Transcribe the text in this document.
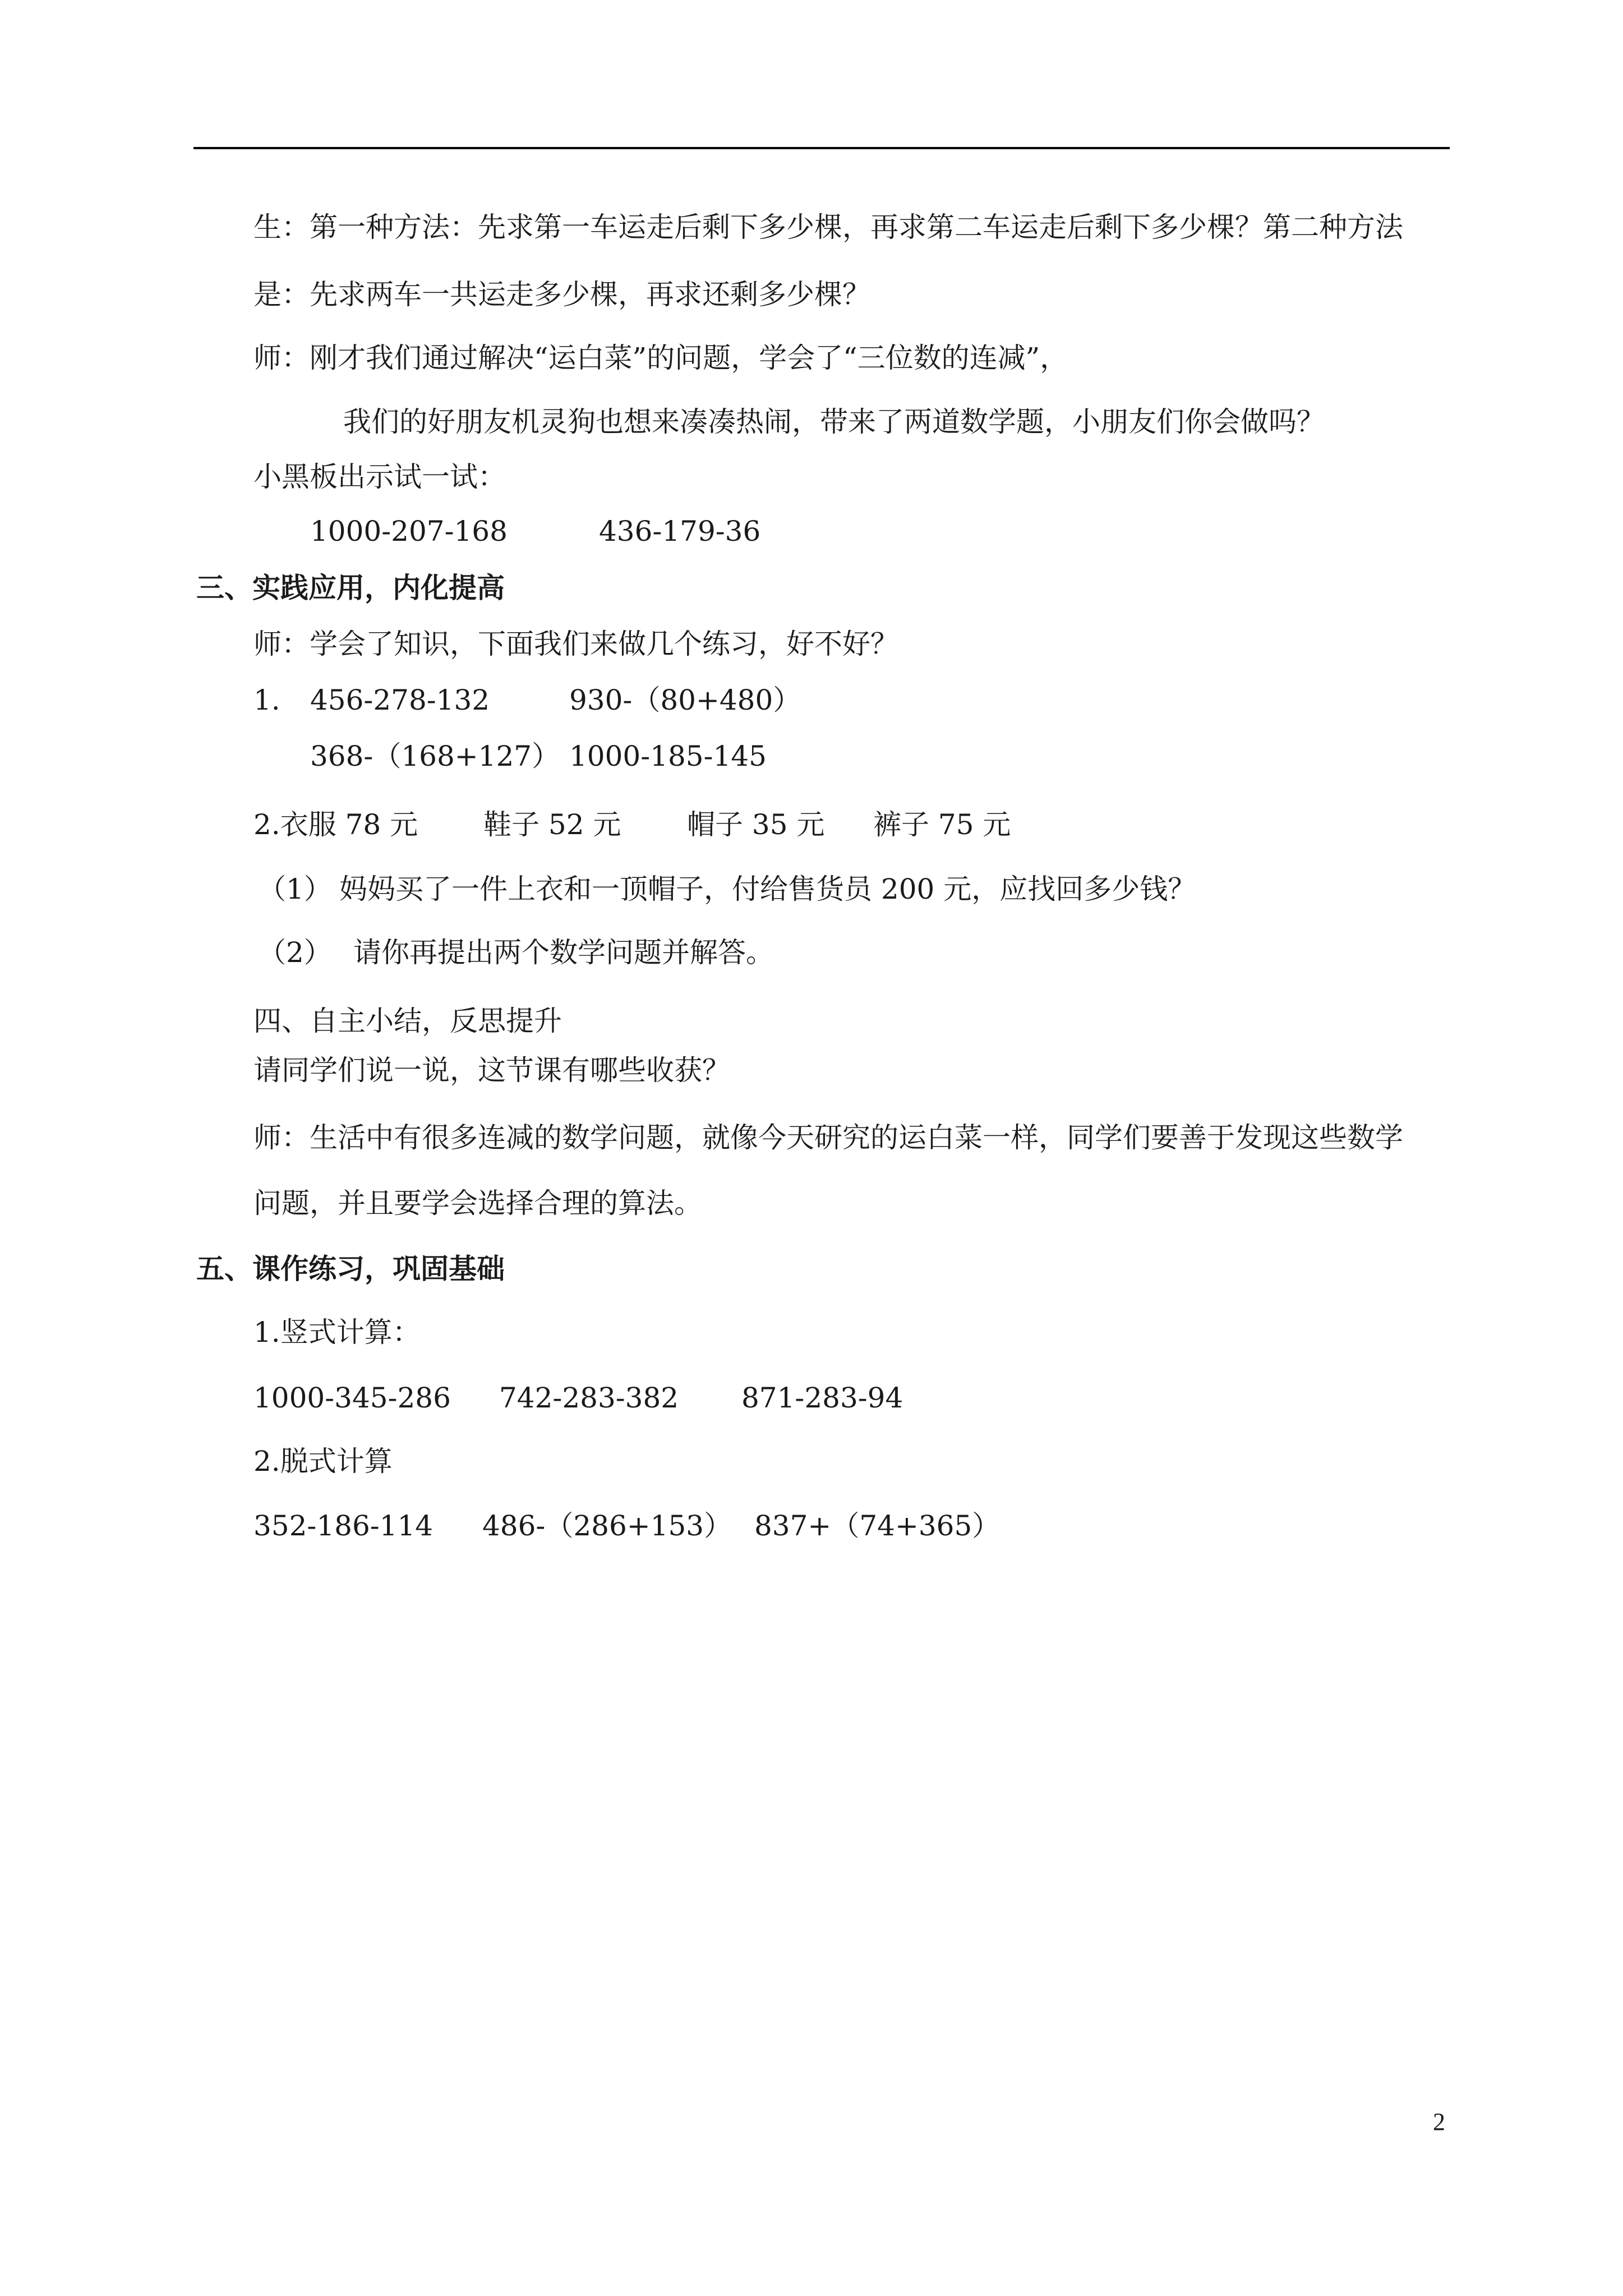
生：第一种方法：先求第一车运走后剩下多少棵，再求第二车运走后剩下多少棵？第二种方法
是：先求两车一共运走多少棵，再求还剩多少棵？
师：刚才我们通过解决“运白菜”的问题，学会了“三位数的连减”，
我们的好朋友机灵狗也想来凑凑热闹，带来了两道数学题，小朋友们你会做吗？
小黑板出示试一试：
1000-207-168	436-179-36
三、实践应用，内化提高
师：学会了知识，下面我们来做几个练习，好不好？
1. 456-278-132	930-（80+480）
368-（168+127） 1000-185-145
2.衣服 78 元 鞋子 52 元 帽子 35 元 裤子 75 元
（1） 妈妈买了一件上衣和一顶帽子，付给售货员 200 元，应找回多少钱？
（2） 请你再提出两个数学问题并解答。
四、自主小结，反思提升
请同学们说一说，这节课有哪些收获？
师：生活中有很多连减的数学问题，就像今天研究的运白菜一样，同学们要善于发现这些数学
问题，并且要学会选择合理的算法。
五、课作练习，巩固基础
1.竖式计算：
1000-345-286 742-283-382 871-283-94
2.脱式计算
352-186-114 486-（286+153） 837+（74+365）
2
